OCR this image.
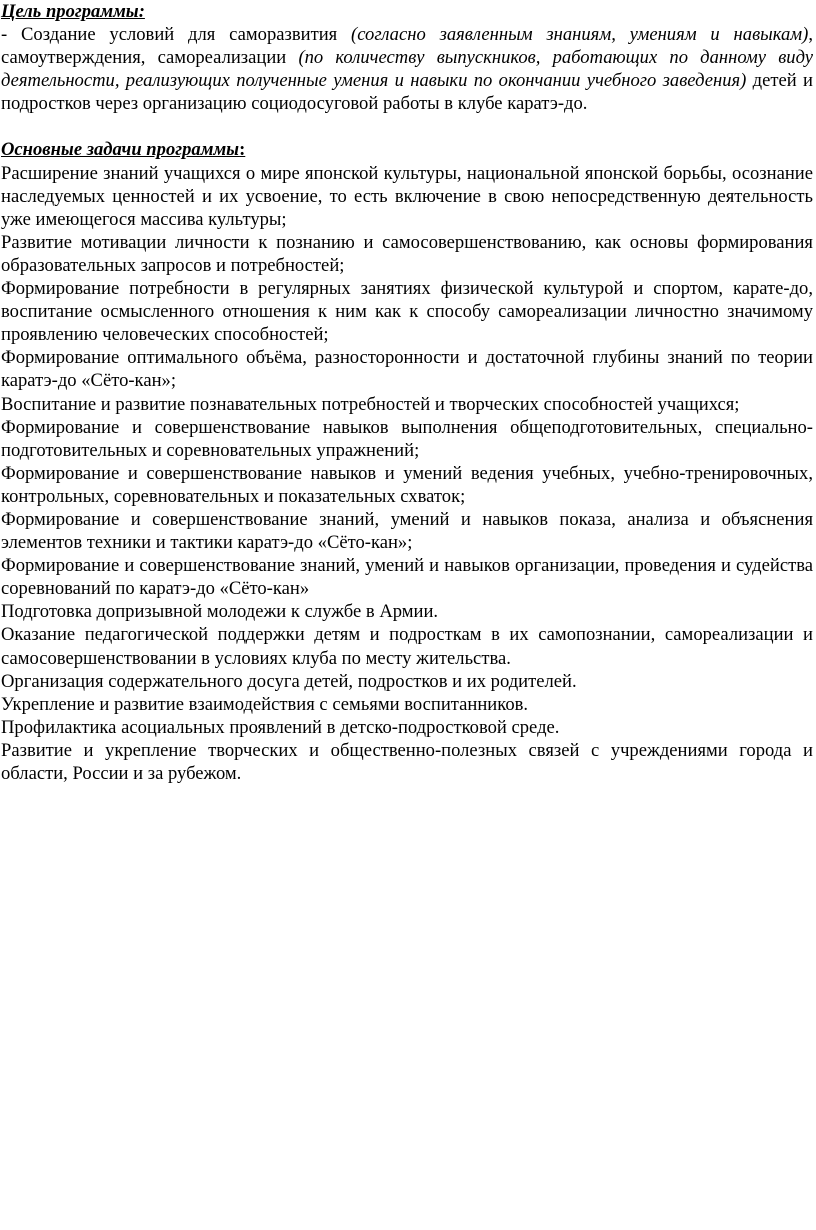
Цель программы:

- Создание условий для саморазвития (согласно заявленным знаниям, умениям и навыкам), самоутверждения, самореализации (по количеству выпускников, работающих по данному виду деятельности, реализующих полученные умения и навыки по окончании учебного заведения) детей и подростков через организацию социодосуговой работы в клубе каратэ-до.

Основные задачи программы:

Расширение знаний учащихся о мире японской культуры, национальной японской борьбы, осознание наследуемых ценностей и их усвоение, то есть включение в свою непосредственную деятельность уже имеющегося массива культуры;

Развитие мотивации личности к познанию и самосовершенствованию, как основы формирования образовательных запросов и потребностей;

Формирование потребности в регулярных занятиях физической культурой и спортом, карате-до, воспитание осмысленного отношения к ним как к способу самореализации личностно значимому проявлению человеческих способностей;

Формирование оптимального объёма, разносторонности и достаточной глубины знаний по теории каратэ-до «Сёто-кан»;

Воспитание и развитие познавательных потребностей и творческих способностей учащихся;

Формирование и совершенствование навыков выполнения общеподготовительных, специально-подготовительных и соревновательных упражнений;

Формирование и совершенствование навыков и умений ведения учебных, учебно-тренировочных, контрольных, соревновательных и показательных схваток;

Формирование и совершенствование знаний, умений и навыков показа, анализа и объяснения элементов техники и тактики каратэ-до «Сёто-кан»;

Формирование и совершенствование знаний, умений и навыков организации, проведения и судейства соревнований по каратэ-до «Сёто-кан»

Подготовка допризывной молодежи к службе в Армии.

Оказание педагогической поддержки детям и подросткам в их самопознании, самореализации и самосовершенствовании в условиях клуба по месту жительства.

Организация содержательного досуга детей, подростков и их родителей.

Укрепление и развитие взаимодействия с семьями воспитанников.

Профилактика асоциальных проявлений в детско-подростковой среде.

Развитие и укрепление творческих и общественно-полезных связей с учреждениями города и области, России и за рубежом.
